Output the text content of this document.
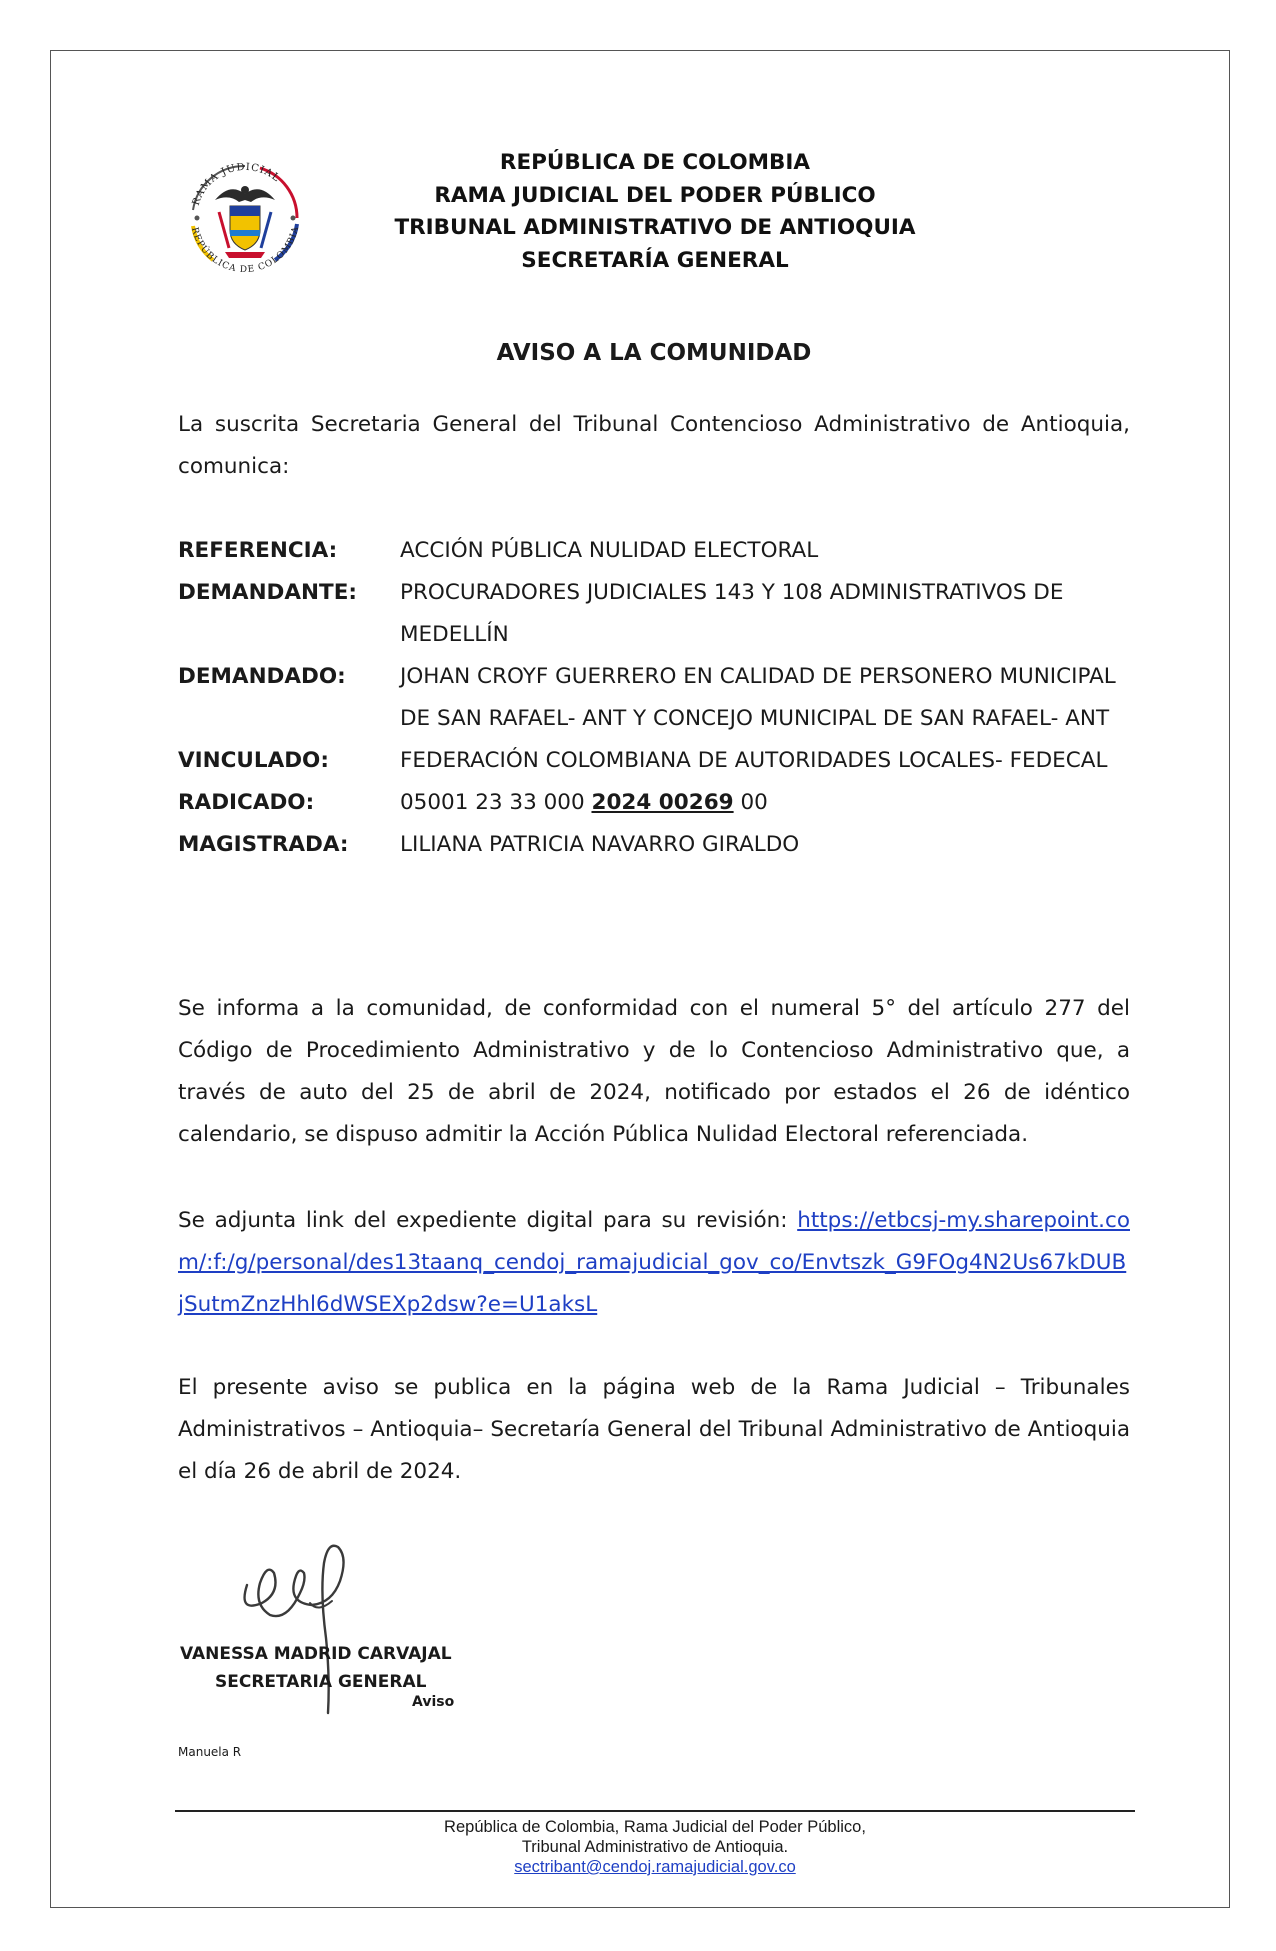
RAMA JUDICIAL
REPÚBLICA DE COLOMBIA
REPÚBLICA DE COLOMBIA
RAMA JUDICIAL DEL PODER PÚBLICO
TRIBUNAL ADMINISTRATIVO DE ANTIOQUIA
SECRETARÍA GENERAL
AVISO A LA COMUNIDAD
La suscrita Secretaria General del Tribunal Contencioso Administrativo de Antioquia, comunica:
REFERENCIA:	ACCIÓN PÚBLICA NULIDAD ELECTORAL
DEMANDANTE:	PROCURADORES JUDICIALES 143 Y 108 ADMINISTRATIVOS DE MEDELLÍN
DEMANDADO:	JOHAN CROYF GUERRERO EN CALIDAD DE PERSONERO MUNICIPAL DE SAN RAFAEL- ANT Y CONCEJO MUNICIPAL DE SAN RAFAEL- ANT
VINCULADO:	FEDERACIÓN COLOMBIANA DE AUTORIDADES LOCALES- FEDECAL
RADICADO:	05001 23 33 000 2024 00269 00
MAGISTRADA:	LILIANA PATRICIA NAVARRO GIRALDO
Se informa a la comunidad, de conformidad con el numeral 5° del artículo 277 del Código de Procedimiento Administrativo y de lo Contencioso Administrativo que, a través de auto del 25 de abril de 2024, notificado por estados el 26 de idéntico calendario, se dispuso admitir la Acción Pública Nulidad Electoral referenciada.
Se adjunta link del expediente digital para su revisión: https://etbcsj-my.sharepoint.com/:f:/g/personal/des13taanq_cendoj_ramajudicial_gov_co/Envtszk_G9FOg4N2Us67kDUBjSutmZnzHhl6dWSEXp2dsw?e=U1aksL
El presente aviso se publica en la página web de la Rama Judicial – Tribunales Administrativos – Antioquia– Secretaría General del Tribunal Administrativo de Antioquia el día 26 de abril de 2024.
VANESSA MADRID CARVAJAL
SECRETARIA GENERAL
Aviso
Manuela R
República de Colombia, Rama Judicial del Poder Público,
Tribunal Administrativo de Antioquia.
sectribant@cendoj.ramajudicial.gov.co
